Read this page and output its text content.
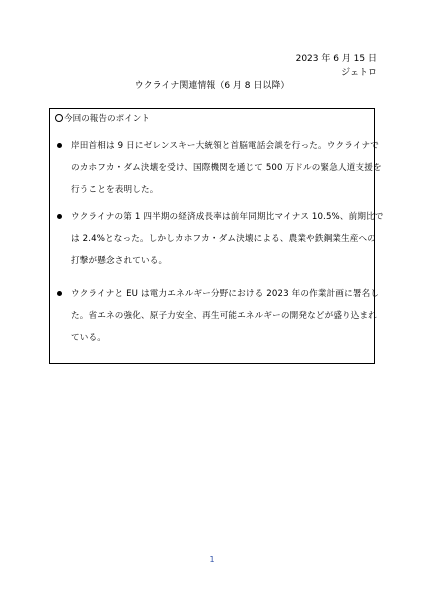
2023 年 6 月 15 日
ジェトロ
ウクライナ関連情報（6 月 8 日以降）
今回の報告のポイント
岸田首相は 9 日にゼレンスキー大統領と首脳電話会談を行った。ウクライナで
のカホフカ・ダム決壊を受け、国際機関を通じて 500 万ドルの緊急人道支援を
行うことを表明した。
ウクライナの第 1 四半期の経済成長率は前年同期比マイナス 10.5%、前期比で
は 2.4%となった。しかしカホフカ・ダム決壊による、農業や鉄鋼業生産への
打撃が懸念されている。
ウクライナと EU は電力エネルギー分野における 2023 年の作業計画に署名し
た。省エネの強化、原子力安全、再生可能エネルギーの開発などが盛り込まれ
ている。
1
